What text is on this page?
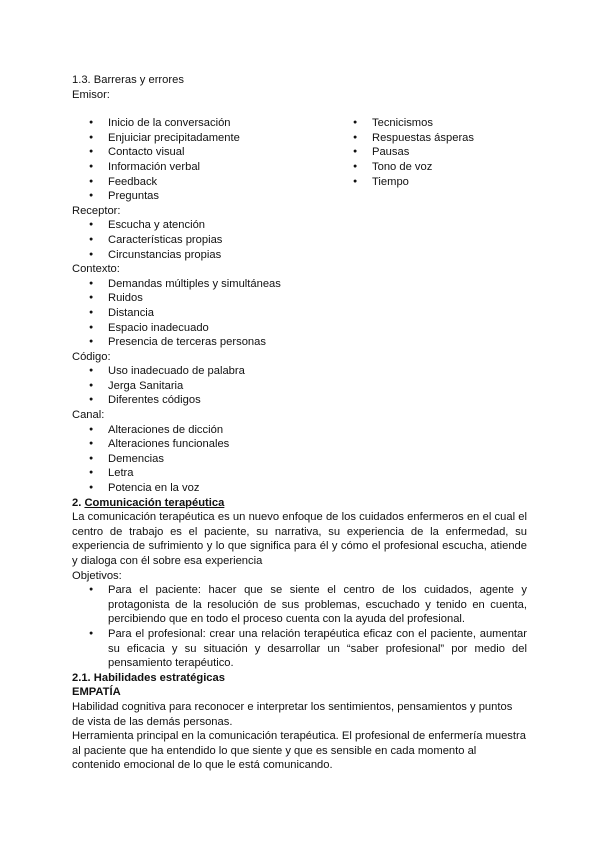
1.3. Barreras y errores
Emisor:
● Inicio de la conversación
● Enjuiciar precipitadamente
● Contacto visual
● Información verbal
● Feedback
● Preguntas
● Tecnicismos
● Respuestas ásperas
● Pausas
● Tono de voz
● Tiempo
Receptor:
● Escucha y atención
● Características propias
● Circunstancias propias
Contexto:
● Demandas múltiples y simultáneas
● Ruidos
● Distancia
● Espacio inadecuado
● Presencia de terceras personas
Código:
● Uso inadecuado de palabra
● Jerga Sanitaria
● Diferentes códigos
Canal:
● Alteraciones de dicción
● Alteraciones funcionales
● Demencias
● Letra
● Potencia en la voz
2. Comunicación terapéutica
La comunicación terapéutica es un nuevo enfoque de los cuidados enfermeros en el cual el centro de trabajo es el paciente, su narrativa, su experiencia de la enfermedad, su experiencia de sufrimiento y lo que significa para él y cómo el profesional escucha, atiende y dialoga con él sobre esa experiencia
Objetivos:
● Para el paciente: hacer que se siente el centro de los cuidados, agente y protagonista de la resolución de sus problemas, escuchado y tenido en cuenta, percibiendo que en todo el proceso cuenta con la ayuda del profesional.
● Para el profesional: crear una relación terapéutica eficaz con el paciente, aumentar su eficacia y su situación y desarrollar un “saber profesional” por medio del pensamiento terapéutico.
2.1. Habilidades estratégicas
EMPATÍA
Habilidad cognitiva para reconocer e interpretar los sentimientos, pensamientos y puntos de vista de las demás personas.
Herramienta principal en la comunicación terapéutica. El profesional de enfermería muestra al paciente que ha entendido lo que siente y que es sensible en cada momento al contenido emocional de lo que le está comunicando.
